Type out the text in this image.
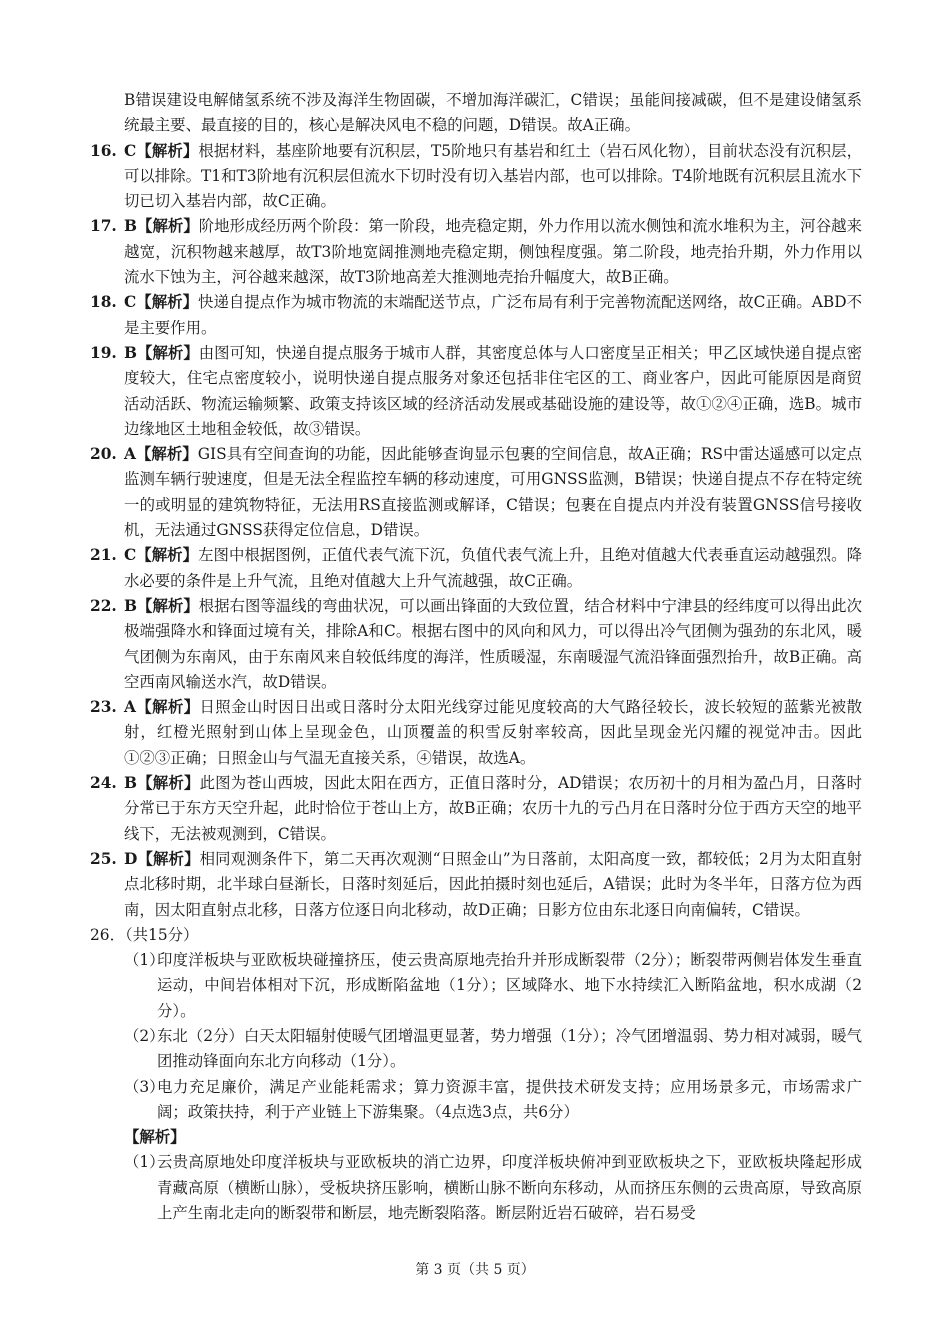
B错误建设电解储氢系统不涉及海洋生物固碳，不增加海洋碳汇，C错误；虽能间接减碳，但不是建设储氢系统最主要、最直接的目的，核心是解决风电不稳的问题，D错误。故A正确。

16. C【解析】根据材料，基座阶地要有沉积层，T5阶地只有基岩和红土（岩石风化物），目前状态没有沉积层，可以排除。T1和T3阶地有沉积层但流水下切时没有切入基岩内部，也可以排除。T4阶地既有沉积层且流水下切已切入基岩内部，故C正确。
17. B【解析】阶地形成经历两个阶段：第一阶段，地壳稳定期，外力作用以流水侧蚀和流水堆积为主，河谷越来越宽，沉积物越来越厚，故T3阶地宽阔推测地壳稳定期，侧蚀程度强。第二阶段，地壳抬升期，外力作用以流水下蚀为主，河谷越来越深，故T3阶地高差大推测地壳抬升幅度大，故B正确。
18. C【解析】快递自提点作为城市物流的末端配送节点，广泛布局有利于完善物流配送网络，故C正确。ABD不是主要作用。
19. B【解析】由图可知，快递自提点服务于城市人群，其密度总体与人口密度呈正相关；甲乙区域快递自提点密度较大，住宅点密度较小，说明快递自提点服务对象还包括非住宅区的工、商业客户，因此可能原因是商贸活动活跃、物流运输频繁、政策支持该区域的经济活动发展或基础设施的建设等，故①②④正确，选B。城市边缘地区土地租金较低，故③错误。
20. A【解析】GIS具有空间查询的功能，因此能够查询显示包裹的空间信息，故A正确；RS中雷达遥感可以定点监测车辆行驶速度，但是无法全程监控车辆的移动速度，可用GNSS监测，B错误；快递自提点不存在特定统一的或明显的建筑物特征，无法用RS直接监测或解译，C错误；包裹在自提点内并没有装置GNSS信号接收机，无法通过GNSS获得定位信息，D错误。
21. C【解析】左图中根据图例，正值代表气流下沉，负值代表气流上升，且绝对值越大代表垂直运动越强烈。降水必要的条件是上升气流，且绝对值越大上升气流越强，故C正确。
22. B【解析】根据右图等温线的弯曲状况，可以画出锋面的大致位置，结合材料中宁津县的经纬度可以得出此次极端强降水和锋面过境有关，排除A和C。根据右图中的风向和风力，可以得出冷气团侧为强劲的东北风，暖气团侧为东南风，由于东南风来自较低纬度的海洋，性质暖湿，东南暖湿气流沿锋面强烈抬升，故B正确。高空西南风输送水汽，故D错误。
23. A【解析】日照金山时因日出或日落时分太阳光线穿过能见度较高的大气路径较长，波长较短的蓝紫光被散射，红橙光照射到山体上呈现金色，山顶覆盖的积雪反射率较高，因此呈现金光闪耀的视觉冲击。因此①②③正确；日照金山与气温无直接关系，④错误，故选A。
24. B【解析】此图为苍山西坡，因此太阳在西方，正值日落时分，AD错误；农历初十的月相为盈凸月，日落时分常已于东方天空升起，此时恰位于苍山上方，故B正确；农历十九的亏凸月在日落时分位于西方天空的地平线下，无法被观测到，C错误。
25. D【解析】相同观测条件下，第二天再次观测“日照金山”为日落前，太阳高度一致，都较低；2月为太阳直射点北移时期，北半球白昼渐长，日落时刻延后，因此拍摄时刻也延后，A错误；此时为冬半年，日落方位为西南，因太阳直射点北移，日落方位逐日向北移动，故D正确；日影方位由东北逐日向南偏转，C错误。

26．（共15分）

（1）
印度洋板块与亚欧板块碰撞挤压，使云贵高原地壳抬升并形成断裂带（2分）；断裂带两侧岩体发生垂直运动，中间岩体相对下沉，形成断陷盆地（1分）；区域降水、地下水持续汇入断陷盆地，积水成湖（2分）。
（2）
东北（2分）白天太阳辐射使暖气团增温更显著，势力增强（1分）；冷气团增温弱、势力相对减弱，暖气团推动锋面向东北方向移动（1分）。
（3）
电力充足廉价，满足产业能耗需求；算力资源丰富，提供技术研发支持；应用场景多元，市场需求广阔；政策扶持，利于产业链上下游集聚。（4点选3点，共6分）

【解析】

（1）
云贵高原地处印度洋板块与亚欧板块的消亡边界，印度洋板块俯冲到亚欧板块之下，亚欧板块隆起形成青藏高原（横断山脉），受板块挤压影响，横断山脉不断向东移动，从而挤压东侧的云贵高原，导致高原上产生南北走向的断裂带和断层，地壳断裂陷落。断层附近岩石破碎，岩石易受
第 3 页（共 5 页）
